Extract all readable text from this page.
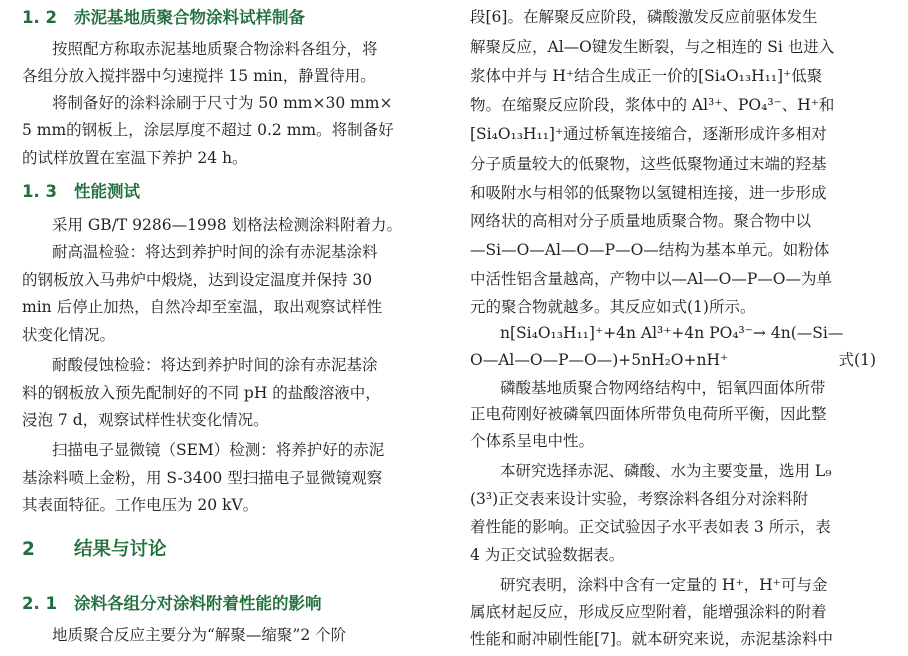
1. 2 赤泥基地质聚合物涂料试样制备
按照配方称取赤泥基地质聚合物涂料各组分，将
各组分放入搅拌器中匀速搅拌 15 min，静置待用。
将制备好的涂料涂刷于尺寸为 50 mm×30 mm×
5 mm的钢板上，涂层厚度不超过 0.2 mm。将制备好
的试样放置在室温下养护 24 h。
1. 3 性能测试
采用 GB/T 9286—1998 划格法检测涂料附着力。
耐高温检验：将达到养护时间的涂有赤泥基涂料
的钢板放入马弗炉中煅烧，达到设定温度并保持 30
min 后停止加热，自然冷却至室温，取出观察试样性
状变化情况。
耐酸侵蚀检验：将达到养护时间的涂有赤泥基涂
料的钢板放入预先配制好的不同 pH 的盐酸溶液中，
浸泡 7 d，观察试样性状变化情况。
扫描电子显微镜（SEM）检测：将养护好的赤泥
基涂料喷上金粉，用 S-3400 型扫描电子显微镜观察
其表面特征。工作电压为 20 kV。
2 结果与讨论
2. 1 涂料各组分对涂料附着性能的影响
地质聚合反应主要分为“解聚—缩聚”2 个阶
段[6]。在解聚反应阶段，磷酸激发反应前驱体发生
解聚反应，Al—O键发生断裂，与之相连的 Si 也进入
浆体中并与 H⁺结合生成正一价的[Si₄O₁₃H₁₁]⁺低聚
物。在缩聚反应阶段，浆体中的 Al³⁺、PO₄³⁻、H⁺和
[Si₄O₁₃H₁₁]⁺通过桥氧连接缩合，逐渐形成许多相对
分子质量较大的低聚物，这些低聚物通过末端的羟基
和吸附水与相邻的低聚物以氢键相连接，进一步形成
网络状的高相对分子质量地质聚合物。聚合物中以
—Si—O—Al—O—P—O—结构为基本单元。如粉体
中活性铝含量越高，产物中以—Al—O—P—O—为单
元的聚合物就越多。其反应如式(1)所示。
n[Si₄O₁₃H₁₁]⁺+4n Al³⁺+4n PO₄³⁻→ 4n(—Si—
O—Al—O—P—O—)+5nH₂O+nH⁺	式(1)
磷酸基地质聚合物网络结构中，铝氧四面体所带
正电荷刚好被磷氧四面体所带负电荷所平衡，因此整
个体系呈电中性。
本研究选择赤泥、磷酸、水为主要变量，选用 L₉
(3³)正交表来设计实验，考察涂料各组分对涂料附
着性能的影响。正交试验因子水平表如表 3 所示，表
4 为正交试验数据表。
研究表明，涂料中含有一定量的 H⁺，H⁺可与金
属底材起反应，形成反应型附着，能增强涂料的附着
性能和耐冲刷性能[7]。就本研究来说，赤泥基涂料中
